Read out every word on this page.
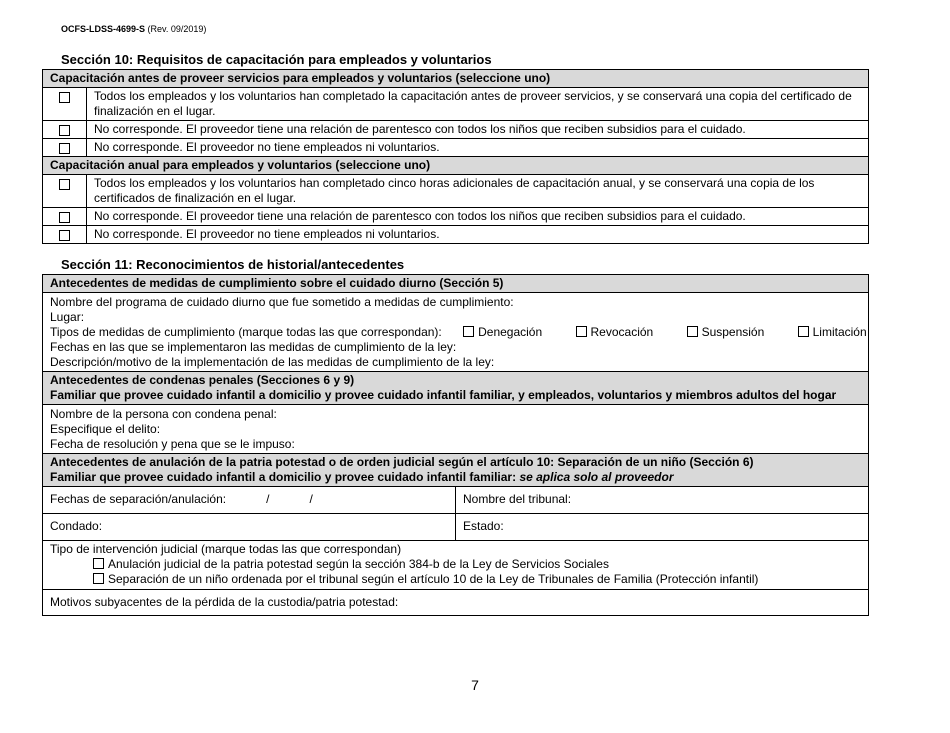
OCFS-LDSS-4699-S (Rev. 09/2019)
Sección 10: Requisitos de capacitación para empleados y voluntarios
Capacitación antes de proveer servicios para empleados y voluntarios (seleccione uno)	
	Todos los empleados y los voluntarios han completado la capacitación antes de proveer servicios, y se conservará una copia del certificado de finalización en el lugar.
	No corresponde. El proveedor tiene una relación de parentesco con todos los niños que reciben subsidios para el cuidado.
	No corresponde. El proveedor no tiene empleados ni voluntarios.
Capacitación anual para empleados y voluntarios (seleccione uno)	
	Todos los empleados y los voluntarios han completado cinco horas adicionales de capacitación anual, y se conservará una copia de los certificados de finalización en el lugar.
	No corresponde. El proveedor tiene una relación de parentesco con todos los niños que reciben subsidios para el cuidado.
	No corresponde. El proveedor no tiene empleados ni voluntarios.
Sección 11: Reconocimientos de historial/antecedentes
Antecedentes de medidas de cumplimiento sobre el cuidado diurno (Sección 5)	

Nombre del programa de cuidado diurno que fue sometido a medidas de cumplimiento:
Lugar:
Tipos de medidas de cumplimiento (marque todas las que correspondan): Denegación Revocación Suspensión Limitación
Fechas en las que se implementaron las medidas de cumplimiento de la ley:
Descripción/motivo de la implementación de las medidas de cumplimiento de la ley:	

Antecedentes de condenas penales (Secciones 6 y 9)
Familiar que provee cuidado infantil a domicilio y provee cuidado infantil familiar, y empleados, voluntarios y miembros adultos del hogar	

Nombre de la persona con condena penal:
Especifique el delito:
Fecha de resolución y pena que se le impuso:	

Antecedentes de anulación de la patria potestad o de orden judicial según el artículo 10: Separación de un niño (Sección 6)
Familiar que provee cuidado infantil a domicilio y provee cuidado infantil familiar: se aplica solo al proveedor	

Fechas de separación/anulación: / /	Nombre del tribunal:
Condado:	Estado:

Tipo de intervención judicial (marque todas las que correspondan)
Anulación judicial de la patria potestad según la sección 384-b de la Ley de Servicios Sociales
Separación de un niño ordenada por el tribunal según el artículo 10 de la Ley de Tribunales de Familia (Protección infantil)	

Motivos subyacentes de la pérdida de la custodia/patria potestad:	
7
